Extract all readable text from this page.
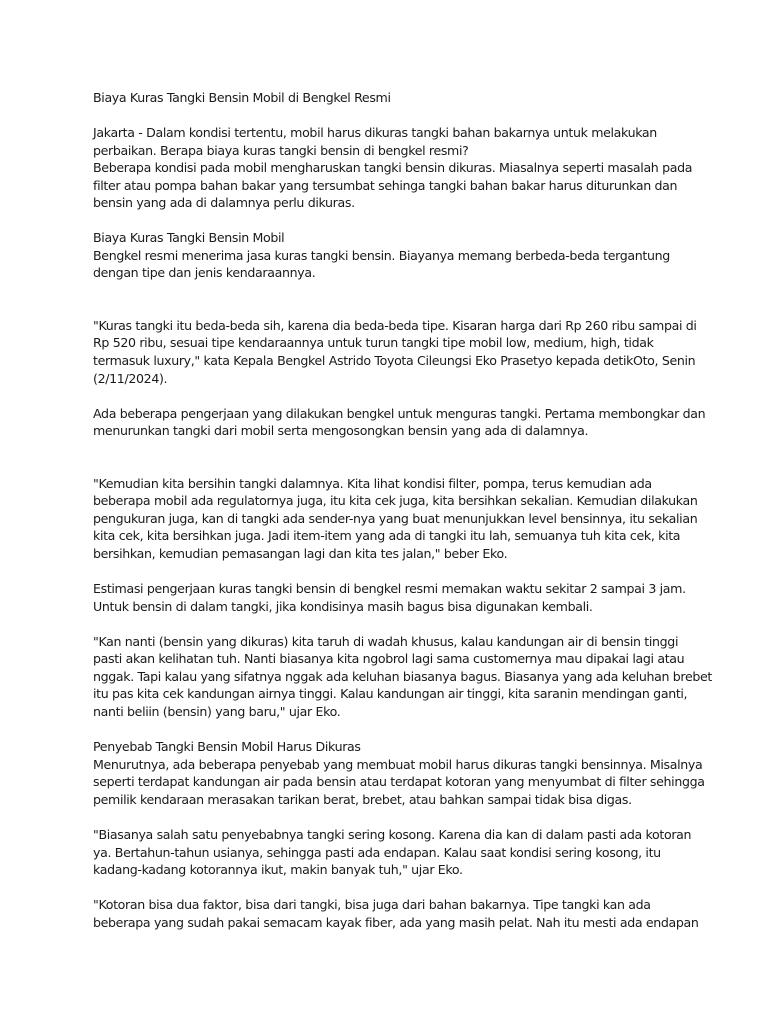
Biaya Kuras Tangki Bensin Mobil di Bengkel Resmi

Jakarta - Dalam kondisi tertentu, mobil harus dikuras tangki bahan bakarnya untuk melakukan

perbaikan. Berapa biaya kuras tangki bensin di bengkel resmi?

Beberapa kondisi pada mobil mengharuskan tangki bensin dikuras. Miasalnya seperti masalah pada

filter atau pompa bahan bakar yang tersumbat sehinga tangki bahan bakar harus diturunkan dan

bensin yang ada di dalamnya perlu dikuras.

Biaya Kuras Tangki Bensin Mobil

Bengkel resmi menerima jasa kuras tangki bensin. Biayanya memang berbeda-beda tergantung

dengan tipe dan jenis kendaraannya.

"Kuras tangki itu beda-beda sih, karena dia beda-beda tipe. Kisaran harga dari Rp 260 ribu sampai di

Rp 520 ribu, sesuai tipe kendaraannya untuk turun tangki tipe mobil low, medium, high, tidak

termasuk luxury," kata Kepala Bengkel Astrido Toyota Cileungsi Eko Prasetyo kepada detikOto, Senin

(2/11/2024).

Ada beberapa pengerjaan yang dilakukan bengkel untuk menguras tangki. Pertama membongkar dan

menurunkan tangki dari mobil serta mengosongkan bensin yang ada di dalamnya.

"Kemudian kita bersihin tangki dalamnya. Kita lihat kondisi filter, pompa, terus kemudian ada

beberapa mobil ada regulatornya juga, itu kita cek juga, kita bersihkan sekalian. Kemudian dilakukan

pengukuran juga, kan di tangki ada sender-nya yang buat menunjukkan level bensinnya, itu sekalian

kita cek, kita bersihkan juga. Jadi item-item yang ada di tangki itu lah, semuanya tuh kita cek, kita

bersihkan, kemudian pemasangan lagi dan kita tes jalan," beber Eko.

Estimasi pengerjaan kuras tangki bensin di bengkel resmi memakan waktu sekitar 2 sampai 3 jam.

Untuk bensin di dalam tangki, jika kondisinya masih bagus bisa digunakan kembali.

"Kan nanti (bensin yang dikuras) kita taruh di wadah khusus, kalau kandungan air di bensin tinggi

pasti akan kelihatan tuh. Nanti biasanya kita ngobrol lagi sama customernya mau dipakai lagi atau

nggak. Tapi kalau yang sifatnya nggak ada keluhan biasanya bagus. Biasanya yang ada keluhan brebet

itu pas kita cek kandungan airnya tinggi. Kalau kandungan air tinggi, kita saranin mendingan ganti,

nanti beliin (bensin) yang baru," ujar Eko.

Penyebab Tangki Bensin Mobil Harus Dikuras

Menurutnya, ada beberapa penyebab yang membuat mobil harus dikuras tangki bensinnya. Misalnya

seperti terdapat kandungan air pada bensin atau terdapat kotoran yang menyumbat di filter sehingga

pemilik kendaraan merasakan tarikan berat, brebet, atau bahkan sampai tidak bisa digas.

"Biasanya salah satu penyebabnya tangki sering kosong. Karena dia kan di dalam pasti ada kotoran

ya. Bertahun-tahun usianya, sehingga pasti ada endapan. Kalau saat kondisi sering kosong, itu

kadang-kadang kotorannya ikut, makin banyak tuh," ujar Eko.

"Kotoran bisa dua faktor, bisa dari tangki, bisa juga dari bahan bakarnya. Tipe tangki kan ada

beberapa yang sudah pakai semacam kayak fiber, ada yang masih pelat. Nah itu mesti ada endapan
